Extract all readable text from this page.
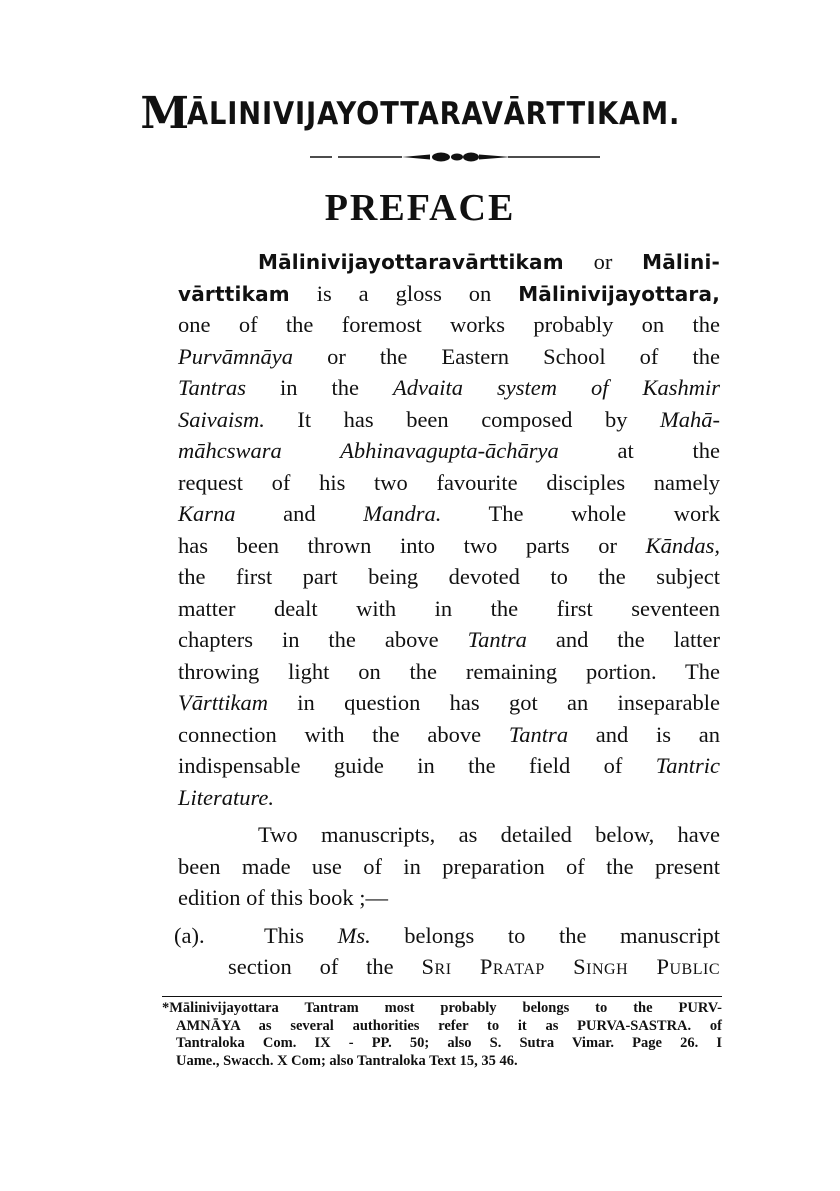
MĀLINIVIJAYOTTARAVĀRTTIKAM.
PREFACE
Mālinivijayottaravārttikam or Mālini-
vārttikam is a gloss on Mālinivijayottara,
one of the foremost works probably on the
Purvāmnāya or the Eastern School of the
Tantras in the Advaita system of Kashmir
Saivaism. It has been composed by Mahā-
māhcswara Abhinavagupta-āchārya at the
request of his two favourite disciples namely
Karna and Mandra. The whole work
has been thrown into two parts or Kāndas,
the first part being devoted to the subject
matter dealt with in the first seventeen
chapters in the above Tantra and the latter
throwing light on the remaining portion. The
Vārttikam in question has got an inseparable
connection with the above Tantra and is an
indispensable guide in the field of Tantric
Literature.
Two manuscripts, as detailed below, have
been made use of in preparation of the present
edition of this book ;—
(a).	This Ms. belongs to the manuscript
section of the Sri Pratap Singh Public
*Mālinivijayottara Tantram most probably belongs to the PURV-
AMNĀYA as several authorities refer to it as PURVA-SASTRA. of
Tantraloka Com. IX - PP. 50; also S. Sutra Vimar. Page 26. I
Uame., Swacch. X Com; also Tantraloka Text 15, 35 46.
